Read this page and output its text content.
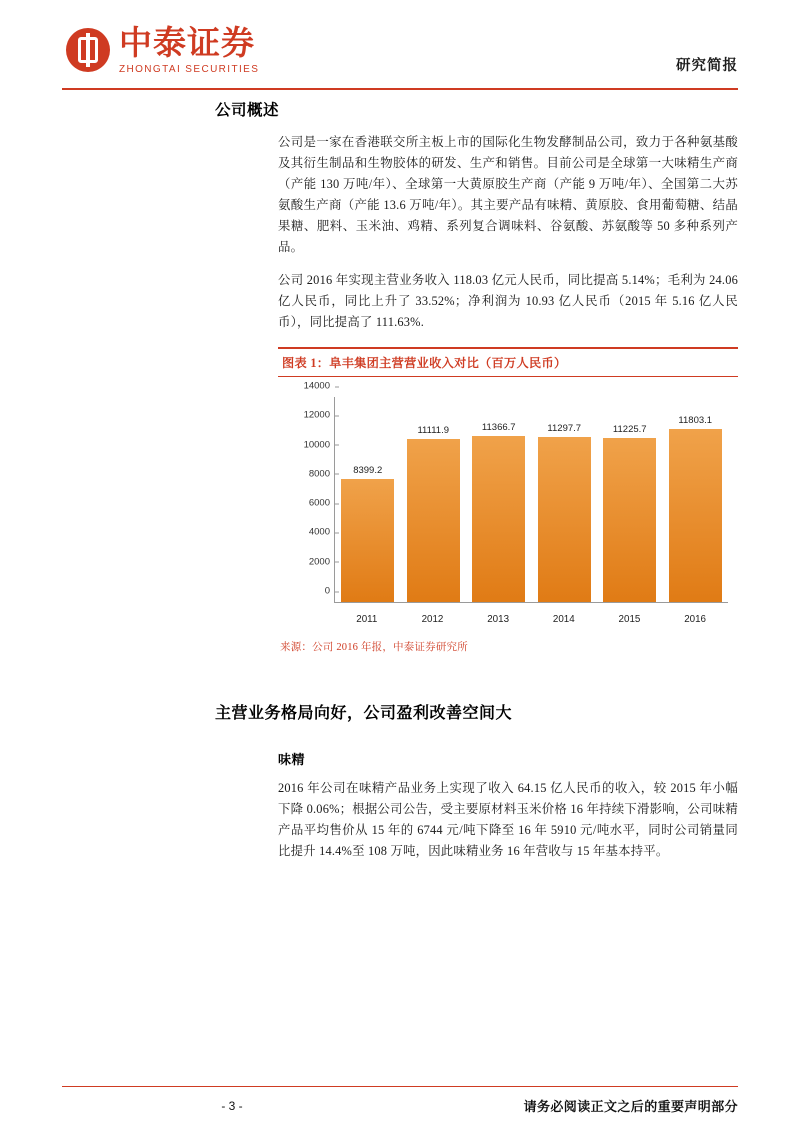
中泰证券
ZHONGTAI SECURITIES	研究简报
公司概述

公司是一家在香港联交所主板上市的国际化生物发酵制品公司，致力于各种氨基酸及其衍生制品和生物胶体的研发、生产和销售。目前公司是全球第一大味精生产商（产能 130 万吨/年）、全球第一大黄原胶生产商（产能 9 万吨/年）、全国第二大苏氨酸生产商（产能 13.6 万吨/年）。其主要产品有味精、黄原胶、食用葡萄糖、结晶果糖、肥料、玉米油、鸡精、系列复合调味料、谷氨酸、苏氨酸等 50 多种系列产品。

公司 2016 年实现主营业务收入 118.03 亿元人民币，同比提高 5.14%；毛利为 24.06 亿人民币，同比上升了 33.52%；净利润为 10.93 亿人民币（2015 年 5.16 亿人民币），同比提高了 111.63%.

图表 1：阜丰集团主营营业收入对比（百万人民币）
14000
12000
10000
8000
6000
4000
2000
0
8399.2
11111.9	11366.7	11297.7	11225.7
11803.1
2011	2012	2013	2014	2015	2016
来源：公司 2016 年报，中泰证券研究所
主营业务格局向好，公司盈利改善空间大
味精

2016 年公司在味精产品业务上实现了收入 64.15 亿人民币的收入，较 2015 年小幅下降 0.06%；根据公司公告，受主要原材料玉米价格 16 年持续下滑影响，公司味精产品平均售价从 15 年的 6744 元/吨下降至 16 年 5910 元/吨水平，同时公司销量同比提升 14.4%至 108 万吨，因此味精业务 16 年营收与 15 年基本持平。

- 3 -	请务必阅读正文之后的重要声明部分
